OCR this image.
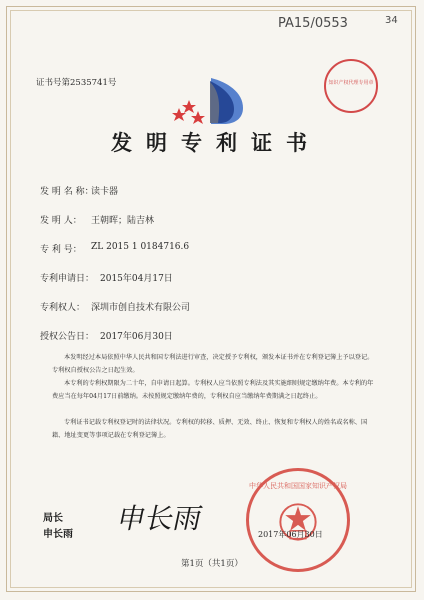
PA15/0553	34
证书号第2535741号	知识产权代理专用章
发明专利证书
发 明 名 称：
读卡器
发 明 人： 王朝晖；陆吉林
专 利 号： ZL 2015 1 0184716.6
专利申请日： 2015年04月17日
专利权人： 深圳市创自技术有限公司
授权公告日： 2017年06月30日
本发明经过本局依照中华人民共和国专利法进行审查，决定授予专利权，颁发本证书并在专利登记簿上予以登记。专利权自授权公告之日起生效。
本专利的专利权期限为二十年，自申请日起算。专利权人应当依照专利法及其实施细则规定缴纳年费。本专利的年费应当在每年04月17日前缴纳。未按照规定缴纳年费的，专利权自应当缴纳年费期满之日起终止。
专利证书记载专利权登记时的法律状况。专利权的转移、质押、无效、终止、恢复和专利权人的姓名或名称、国籍、地址变更等事项记载在专利登记簿上。
局长
申长雨 申长雨
中华人民共和国国家知识产权局
2017年06月30日
第1页（共1页）
